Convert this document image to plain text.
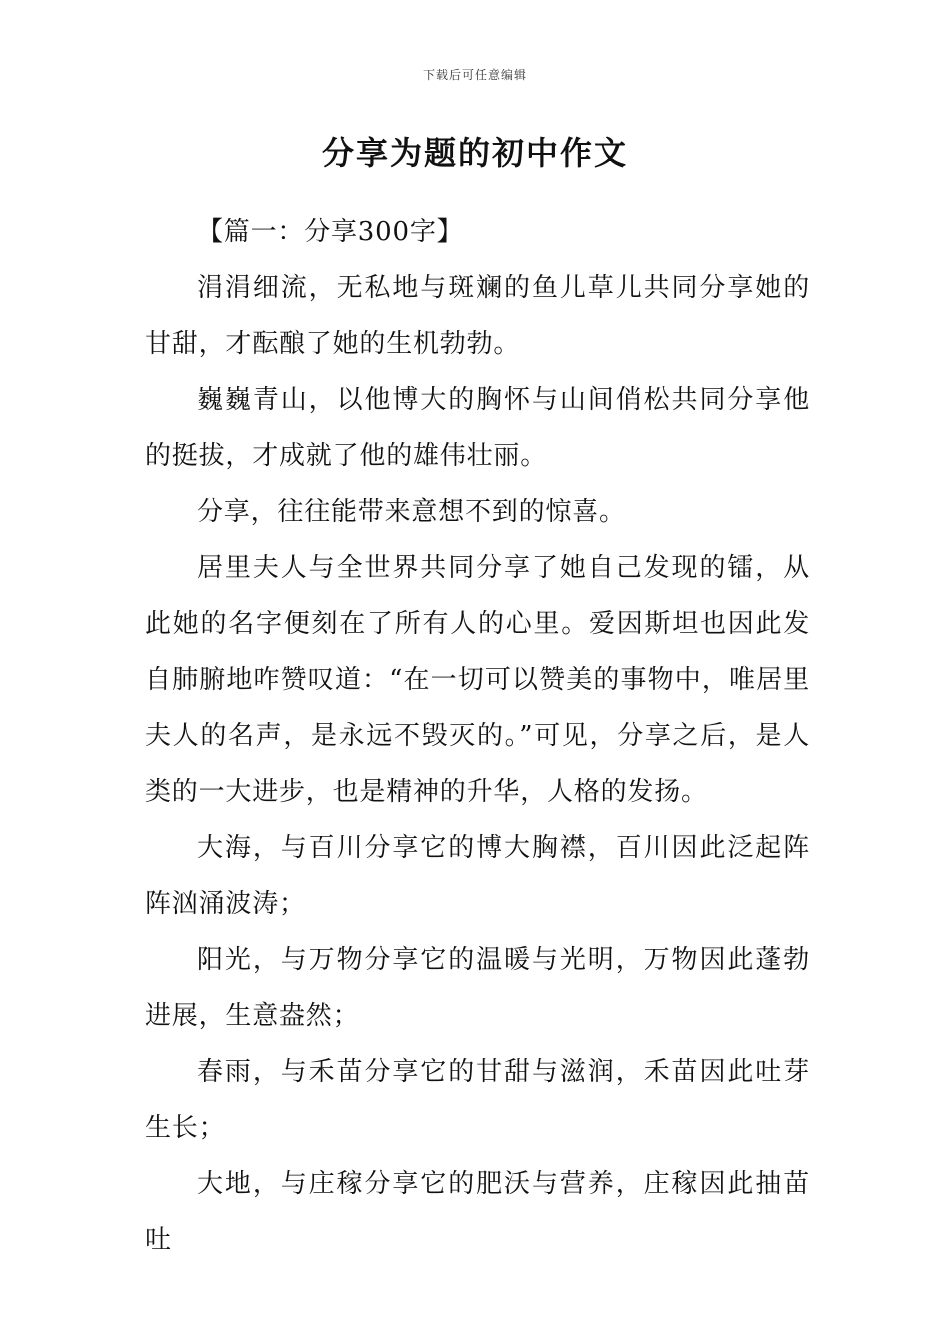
下载后可任意编辑
分享为题的初中作文

【篇一：分享300字】

涓涓细流，无私地与斑斓的鱼儿草儿共同分享她的甘甜，才酝酿了她的生机勃勃。

巍巍青山，以他博大的胸怀与山间俏松共同分享他的挺拔，才成就了他的雄伟壮丽。

分享，往往能带来意想不到的惊喜。

居里夫人与全世界共同分享了她自己发现的镭，从此她的名字便刻在了所有人的心里。爱因斯坦也因此发自肺腑地咋赞叹道：“在一切可以赞美的事物中，唯居里夫人的名声，是永远不毁灭的。”可见，分享之后，是人类的一大进步，也是精神的升华，人格的发扬。

大海，与百川分享它的博大胸襟，百川因此泛起阵阵汹涌波涛；

阳光，与万物分享它的温暖与光明，万物因此蓬勃进展，生意盎然；

春雨，与禾苗分享它的甘甜与滋润，禾苗因此吐芽生长；

大地，与庄稼分享它的肥沃与营养，庄稼因此抽苗吐
